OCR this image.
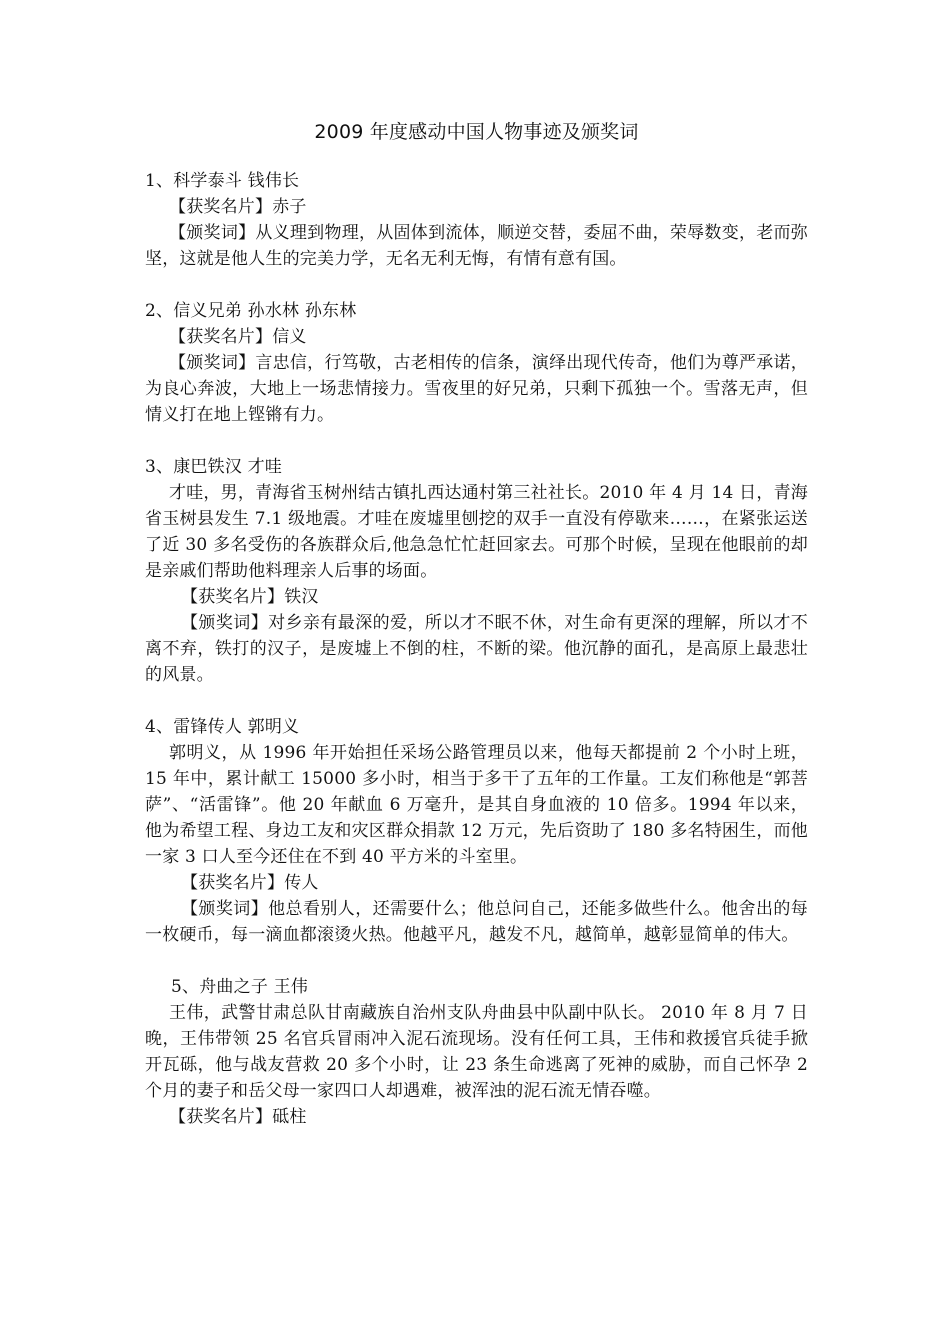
2009 年度感动中国人物事迹及颁奖词

1、科学泰斗 钱伟长

【获奖名片】赤子

【颁奖词】从义理到物理，从固体到流体，顺逆交替，委屈不曲，荣辱数变，老而弥坚，这就是他人生的完美力学，无名无利无悔，有情有意有国。

2、信义兄弟 孙水林 孙东林

【获奖名片】信义

【颁奖词】言忠信，行笃敬，古老相传的信条，演绎出现代传奇，他们为尊严承诺，为良心奔波，大地上一场悲情接力。雪夜里的好兄弟，只剩下孤独一个。雪落无声，但情义打在地上铿锵有力。

3、康巴铁汉 才哇

才哇，男，青海省玉树州结古镇扎西达通村第三社社长。2010 年 4 月 14 日，青海省玉树县发生 7.1 级地震。才哇在废墟里刨挖的双手一直没有停歇来……，在紧张运送了近 30 多名受伤的各族群众后,他急急忙忙赶回家去。可那个时候，呈现在他眼前的却是亲戚们帮助他料理亲人后事的场面。

【获奖名片】铁汉

【颁奖词】对乡亲有最深的爱，所以才不眠不休，对生命有更深的理解，所以才不离不弃，铁打的汉子，是废墟上不倒的柱，不断的梁。他沉静的面孔，是高原上最悲壮的风景。

4、雷锋传人 郭明义

郭明义，从 1996 年开始担任采场公路管理员以来，他每天都提前 2 个小时上班，15 年中，累计献工 15000 多小时，相当于多干了五年的工作量。工友们称他是“郭菩萨”、“活雷锋”。他 20 年献血 6 万毫升，是其自身血液的 10 倍多。1994 年以来，他为希望工程、身边工友和灾区群众捐款 12 万元，先后资助了 180 多名特困生，而他一家 3 口人至今还住在不到 40 平方米的斗室里。

【获奖名片】传人

【颁奖词】他总看别人，还需要什么；他总问自己，还能多做些什么。他舍出的每一枚硬币，每一滴血都滚烫火热。他越平凡，越发不凡，越简单，越彰显简单的伟大。

5、舟曲之子 王伟

王伟，武警甘肃总队甘南藏族自治州支队舟曲县中队副中队长。 2010 年 8 月 7 日晚，王伟带领 25 名官兵冒雨冲入泥石流现场。没有任何工具，王伟和救援官兵徒手掀开瓦砾，他与战友营救 20 多个小时，让 23 条生命逃离了死神的威胁，而自己怀孕 2 个月的妻子和岳父母一家四口人却遇难，被浑浊的泥石流无情吞噬。

【获奖名片】砥柱
